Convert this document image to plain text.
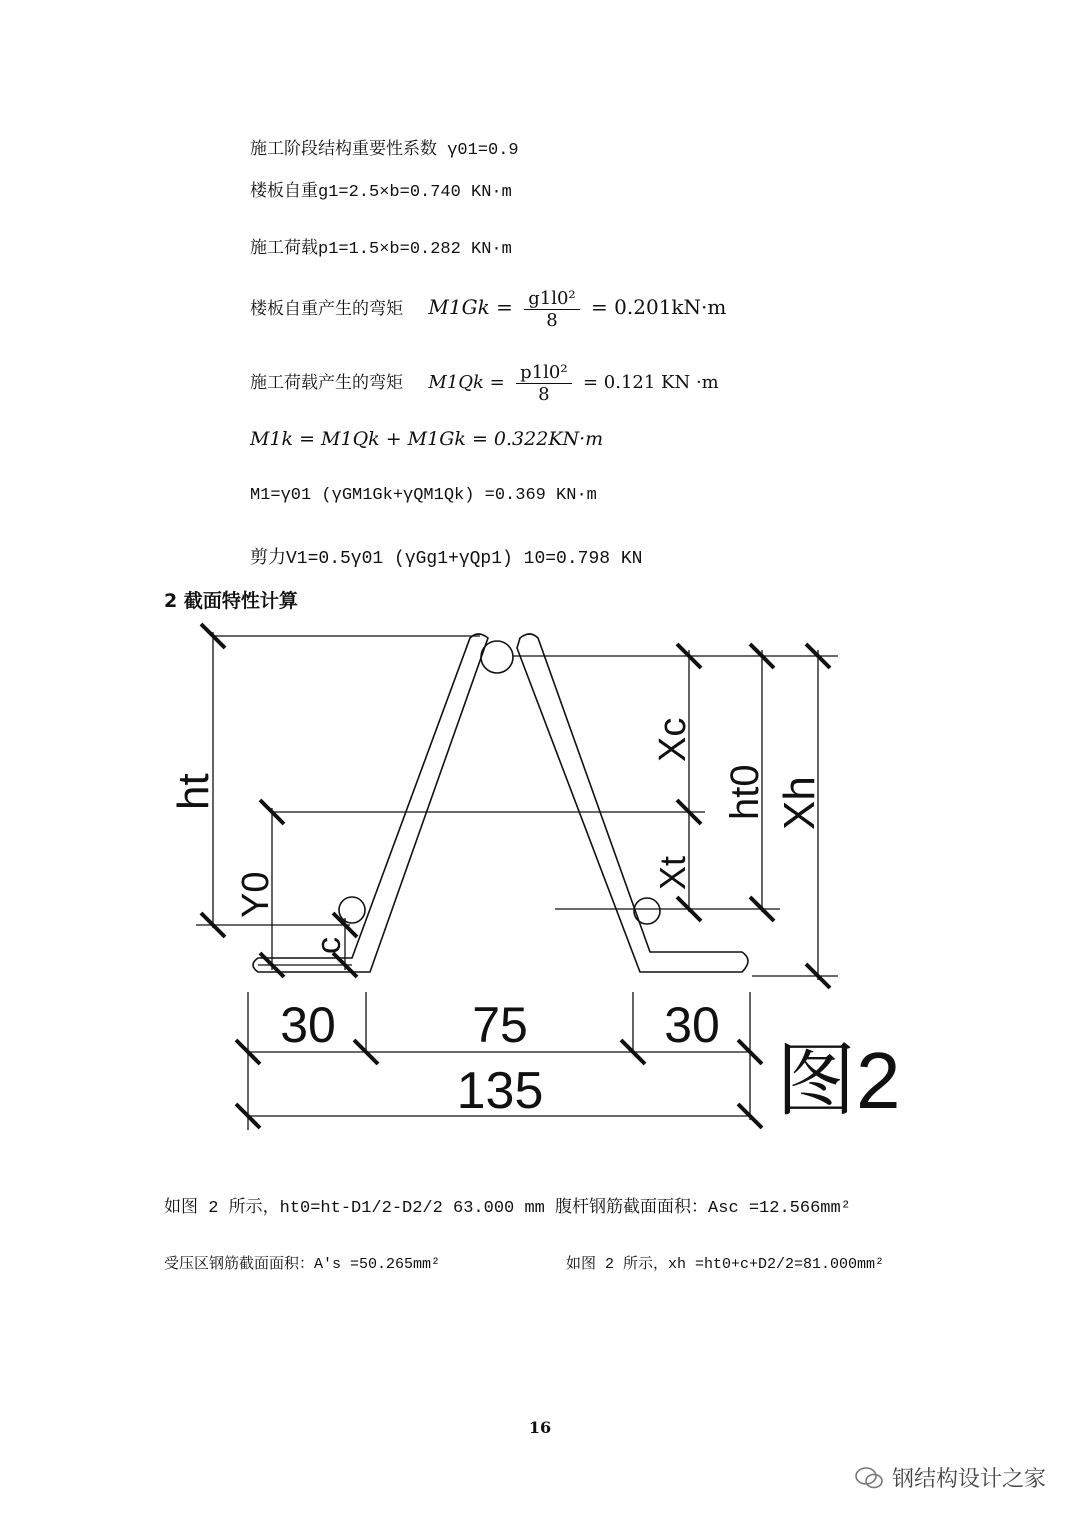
施工阶段结构重要性系数 γ01=0.9
楼板自重g1=2.5×b=0.740 KN·m
施工荷载p1=1.5×b=0.282 KN·m
楼板自重产生的弯矩 $M1Gk = \frac{\text{g1l0²}}{8} = 0.201kN\cdot m$
施工荷载产生的弯矩 $M1Qk = \frac{\text{p1l0²}}{8} = 0.121$ KN ·m
M1k = M1Qk + M1Gk = 0.322KN·m
M1=γ01 (γGM1Gk+γQM1Qk) =0.369 KN·m
剪力V1=0.5γ01 (γGg1+γQp1) 10=0.798 KN
2 截面特性计算
ht
Y0
c
Xc
Xt
ht0 Xh
30	75	30
135	图2
如图 2 所示，ht0=ht-D1/2-D2/2 63.000 mm 腹杆钢筋截面面积：Asc =12.566mm²
受压区钢筋截面面积：A's =50.265mm²	如图 2 所示，xh =ht0+c+D2/2=81.000mm²
16
钢结构设计之家
